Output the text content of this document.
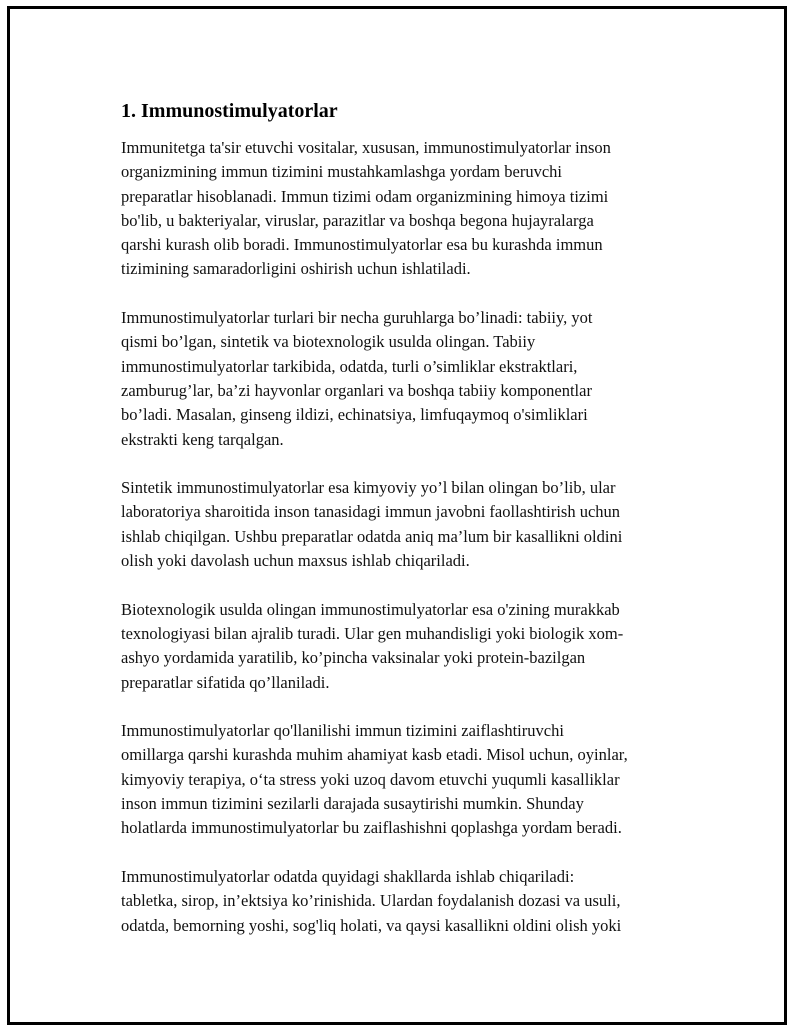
1. Immunostimulyatorlar

Immunitetga ta'sir etuvchi vositalar, xususan, immunostimulyatorlar inson
organizmining immun tizimini mustahkamlashga yordam beruvchi
preparatlar hisoblanadi. Immun tizimi odam organizmining himoya tizimi
bo'lib, u bakteriyalar, viruslar, parazitlar va boshqa begona hujayralarga
qarshi kurash olib boradi. Immunostimulyatorlar esa bu kurashda immun
tizimining samaradorligini oshirish uchun ishlatiladi.

Immunostimulyatorlar turlari bir necha guruhlarga bo’linadi: tabiiy, yot
qismi bo’lgan, sintetik va biotexnologik usulda olingan. Tabiiy
immunostimulyatorlar tarkibida, odatda, turli o’simliklar ekstraktlari,
zamburug’lar, ba’zi hayvonlar organlari va boshqa tabiiy komponentlar
bo’ladi. Masalan, ginseng ildizi, echinatsiya, limfuqaymoq o'simliklari
ekstrakti keng tarqalgan.

Sintetik immunostimulyatorlar esa kimyoviy yo’l bilan olingan bo’lib, ular
laboratoriya sharoitida inson tanasidagi immun javobni faollashtirish uchun
ishlab chiqilgan. Ushbu preparatlar odatda aniq ma’lum bir kasallikni oldini
olish yoki davolash uchun maxsus ishlab chiqariladi.

Biotexnologik usulda olingan immunostimulyatorlar esa o'zining murakkab
texnologiyasi bilan ajralib turadi. Ular gen muhandisligi yoki biologik xom-
ashyo yordamida yaratilib, ko’pincha vaksinalar yoki protein-bazilgan
preparatlar sifatida qo’llaniladi.

Immunostimulyatorlar qo'llanilishi immun tizimini zaiflashtiruvchi
omillarga qarshi kurashda muhim ahamiyat kasb etadi. Misol uchun, oyinlar,
kimyoviy terapiya, o‘ta stress yoki uzoq davom etuvchi yuqumli kasalliklar
inson immun tizimini sezilarli darajada susaytirishi mumkin. Shunday
holatlarda immunostimulyatorlar bu zaiflashishni qoplashga yordam beradi.

Immunostimulyatorlar odatda quyidagi shakllarda ishlab chiqariladi:
tabletka, sirop, in’ektsiya ko’rinishida. Ulardan foydalanish dozasi va usuli,
odatda, bemorning yoshi, sog'liq holati, va qaysi kasallikni oldini olish yoki
